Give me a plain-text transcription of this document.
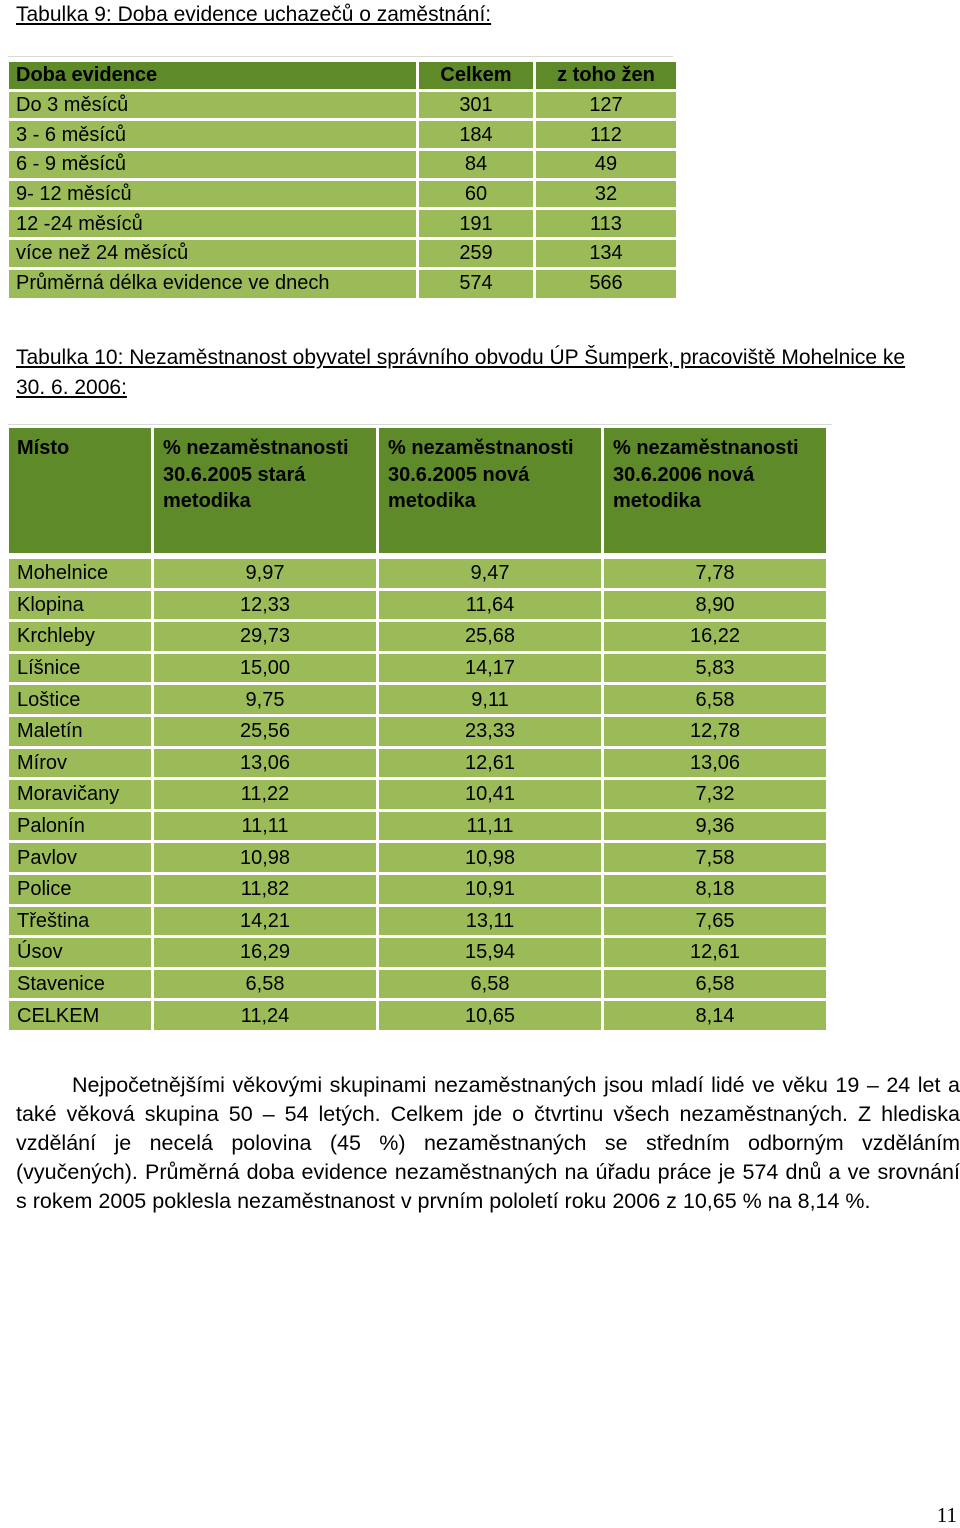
Tabulka 9: Doba evidence uchazečů o zaměstnání:

Doba evidence	Celkem	z toho žen
Do 3 měsíců	301	127
3 - 6 měsíců	184	112
6 - 9 měsíců	84	49
9- 12 měsíců	60	32
12 -24 měsíců	191	113
více než 24 měsíců	259	134
Průměrná délka evidence ve dnech	574	566

Tabulka 10: Nezaměstnanost obyvatel správního obvodu ÚP Šumperk, pracoviště Mohelnice ke 30. 6. 2006:

Místo	% nezaměstnanosti 30.6.2005 stará metodika	% nezaměstnanosti 30.6.2005 nová metodika	% nezaměstnanosti 30.6.2006 nová metodika

Mohelnice	9,97	9,47	7,78
Klopina	12,33	11,64	8,90
Krchleby	29,73	25,68	16,22
Líšnice	15,00	14,17	5,83
Loštice	9,75	9,11	6,58
Maletín	25,56	23,33	12,78
Mírov	13,06	12,61	13,06
Moravičany	11,22	10,41	7,32
Palonín	11,11	11,11	9,36
Pavlov	10,98	10,98	7,58
Police	11,82	10,91	8,18
Třeština	14,21	13,11	7,65
Úsov	16,29	15,94	12,61
Stavenice	6,58	6,58	6,58
CELKEM	11,24	10,65	8,14

Nejpočetnějšími věkovými skupinami nezaměstnaných jsou mladí lidé ve věku 19 – 24 let a také věková skupina 50 – 54 letých. Celkem jde o čtvrtinu všech nezaměstnaných. Z hlediska vzdělání je necelá polovina (45 %) nezaměstnaných se středním odborným vzděláním (vyučených). Průměrná doba evidence nezaměstnaných na úřadu práce je 574 dnů a ve srovnání s rokem 2005 poklesla nezaměstnanost v prvním pololetí roku 2006 z 10,65 % na 8,14 %.

11
